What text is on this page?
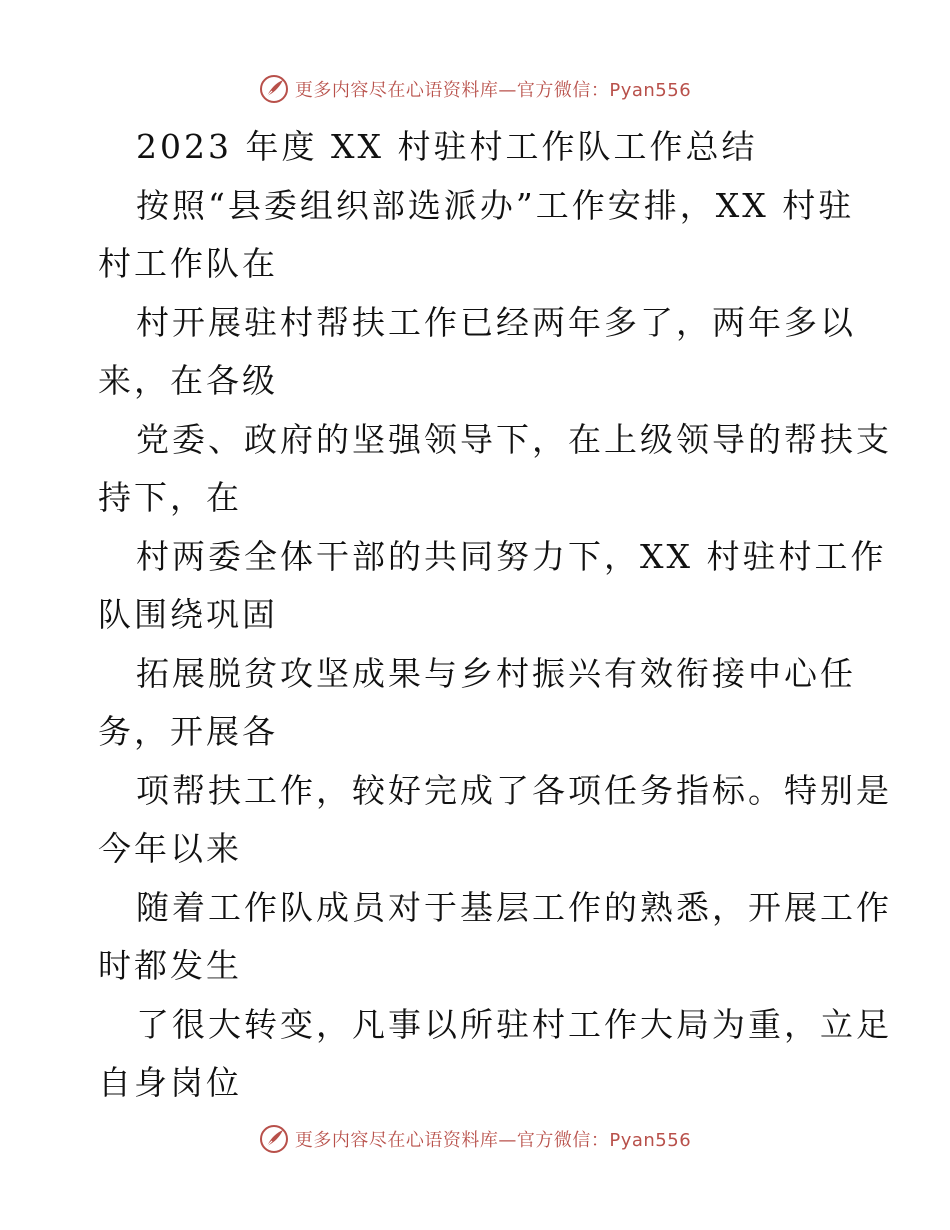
更多内容尽在心语资料库—官方微信：Pyan556
2023 年度 XX 村驻村工作队工作总结
按照“县委组织部选派办”工作安排，XX 村驻
村工作队在
村开展驻村帮扶工作已经两年多了，两年多以
来，在各级
党委、政府的坚强领导下，在上级领导的帮扶支
持下，在
村两委全体干部的共同努力下，XX 村驻村工作
队围绕巩固
拓展脱贫攻坚成果与乡村振兴有效衔接中心任
务，开展各
项帮扶工作，较好完成了各项任务指标。特别是
今年以来
随着工作队成员对于基层工作的熟悉，开展工作
时都发生
了很大转变，凡事以所驻村工作大局为重，立足
自身岗位
更多内容尽在心语资料库—官方微信：Pyan556
